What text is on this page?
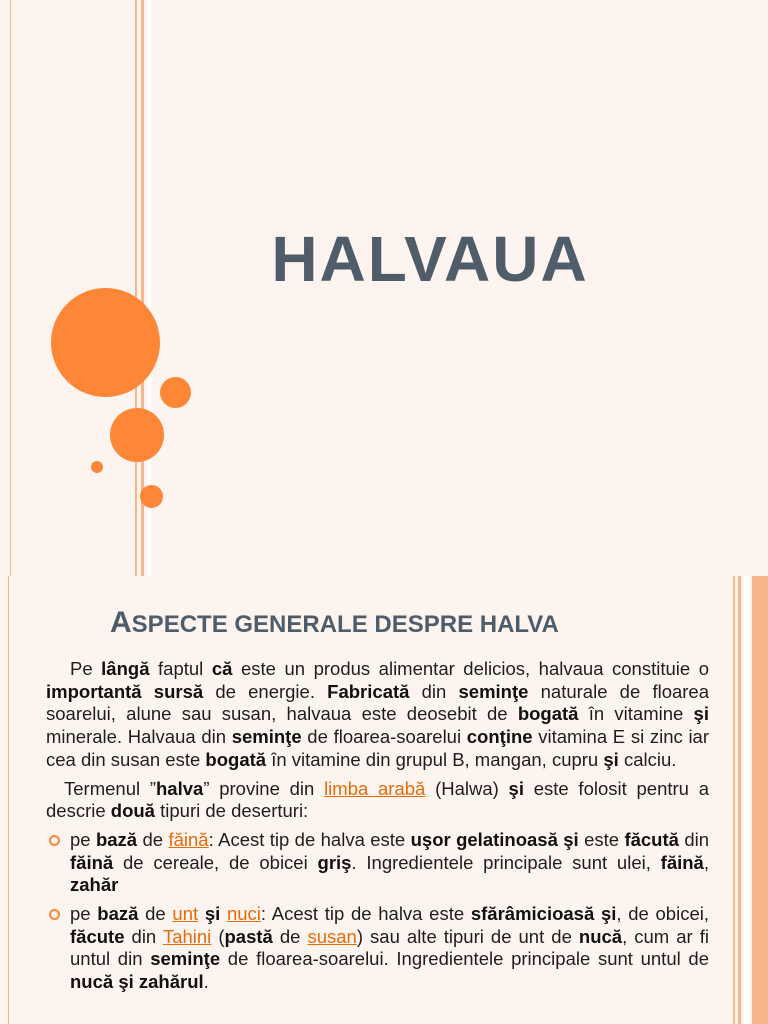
HALVAUA
ASPECTE GENERALE DESPRE HALVA

Pe lângă faptul că este un produs alimentar delicios, halvaua constituie o importantă sursă de energie. Fabricată din seminţe naturale de floarea soarelui, alune sau susan, halvaua este deosebit de bogată în vitamine şi minerale. Halvaua din seminţe de floarea-soarelui conţine vitamina E si zinc iar cea din susan este bogată în vitamine din grupul B, mangan, cupru şi calciu.

Termenul ”halva” provine din limba arabă (Halwa) şi este folosit pentru a descrie două tipuri de deserturi:

pe bază de făină: Acest tip de halva este uşor gelatinoasă şi este făcută din făină de cereale, de obicei griş. Ingredientele principale sunt ulei, făină, zahăr
pe bază de unt şi nuci: Acest tip de halva este sfărâmicioasă şi, de obicei, făcute din Tahini (pastă de susan) sau alte tipuri de unt de nucă, cum ar fi untul din seminţe de floarea-soarelui. Ingredientele principale sunt untul de nucă şi zahărul.
